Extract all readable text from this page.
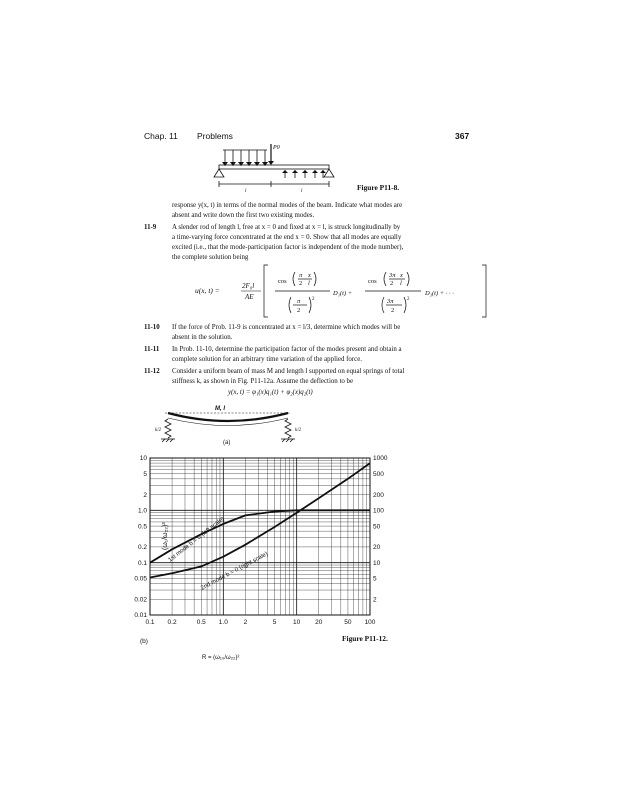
Chap. 11 Problems	367
P0
l	l	Figure P11-8.
response y(x, t) in terms of the normal modes of the beam. Indicate what modes are
absent and write down the first two existing modes.
11-9 A slender rod of length l, free at x = 0 and fixed at x = l, is struck longitudinally by
a time-varying force concentrated at the end x = 0. Show that all modes are equally
excited (i.e., that the mode-participation factor is independent of the mode number),
the complete solution being
u(x, t) =	2F₀l
AE
cos
π x
2 l
π
2
2
D₁(t) +
cos
3π x
2 l
3π
2
2
D₃(t) + · · ·
11-10 If the force of Prob. 11-9 is concentrated at x = l/3, determine which modes will be
absent in the solution.
11-11 In Prob. 11-10, determine the participation factor of the modes present and obtain a
complete solution for an arbitrary time variation of the applied force.
11-12 Consider a uniform beam of mass M and length l supported on equal springs of total
stiffness k, as shown in Fig. P11-12a. Assume the deflection to be
y(x, t) = φ₁(x)q₁(t) + φ₂(x)q₂(t)
M, I
k/2	k/2
(a)
0.1 0.2	0.5 1.0 2	5	10 20	50 100
0.01
0.02
0.05
0.1
0.2
0.5
1.0
2
5
10	1000
500
200
100
50
20
10
5
2
(ω₁/ω₂₂)²
R = (ω₁₀/ω₂₂)²
(b)
1st mode b = 0 (left scale)
2nd mode b = 0 (right scale)
Figure P11-12.
